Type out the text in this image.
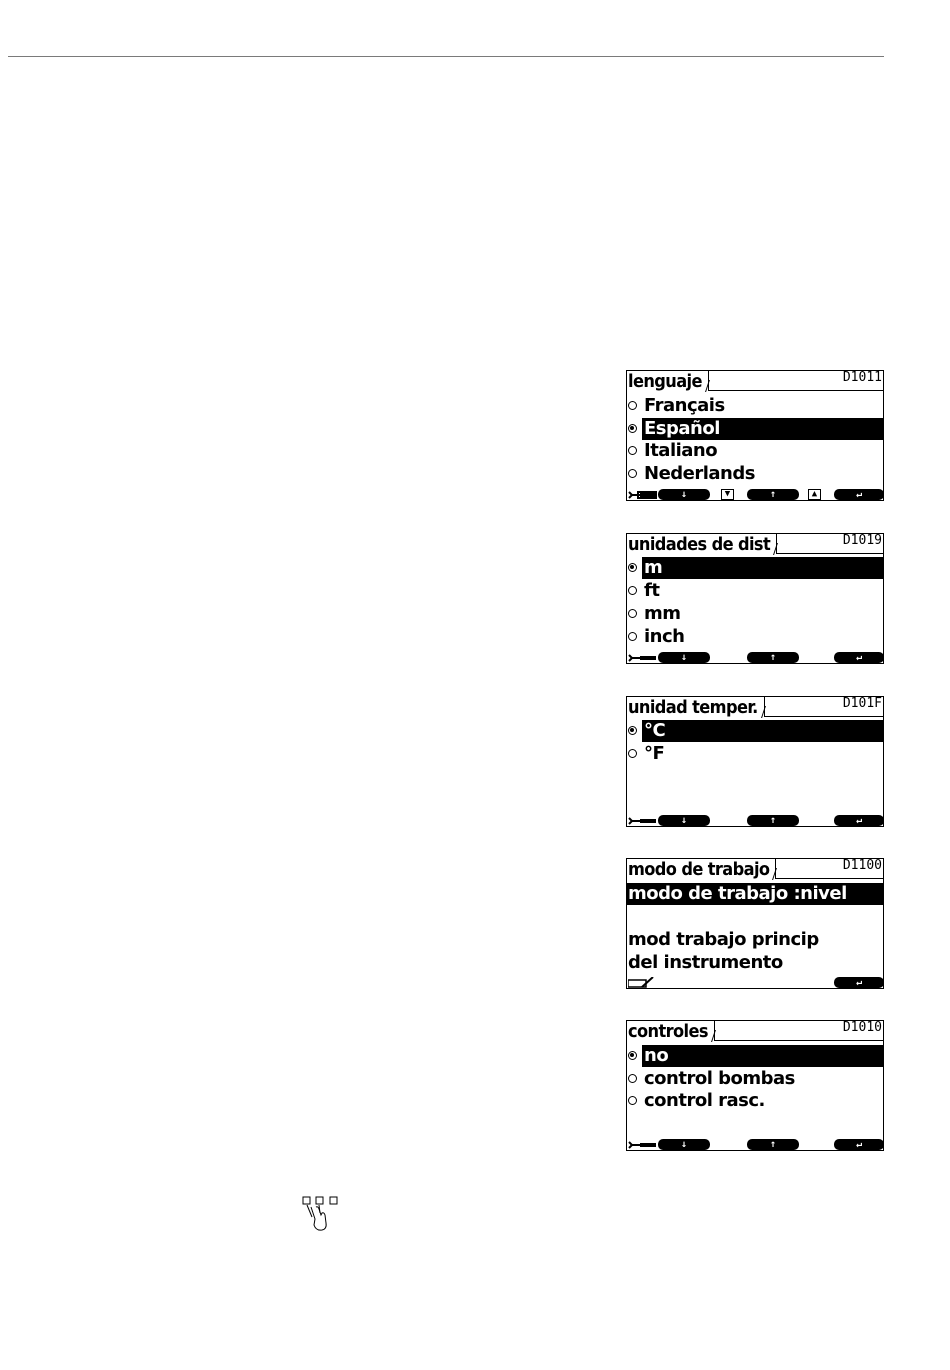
lenguaje	D1011
Français
Español
Italiano
Nederlands
↓	▼	↑	▲	↵
unidades de dist	D1019
m
ft
mm
inch
↓	↑	↵
unidad temper.	D101F
°C
°F
↓	↑	↵
modo de trabajo	D1100
modo de trabajo :nivel
mod trabajo princip
del instrumento
↵
controles	D1010
no
control bombas
control rasc.
↓	↑	↵
